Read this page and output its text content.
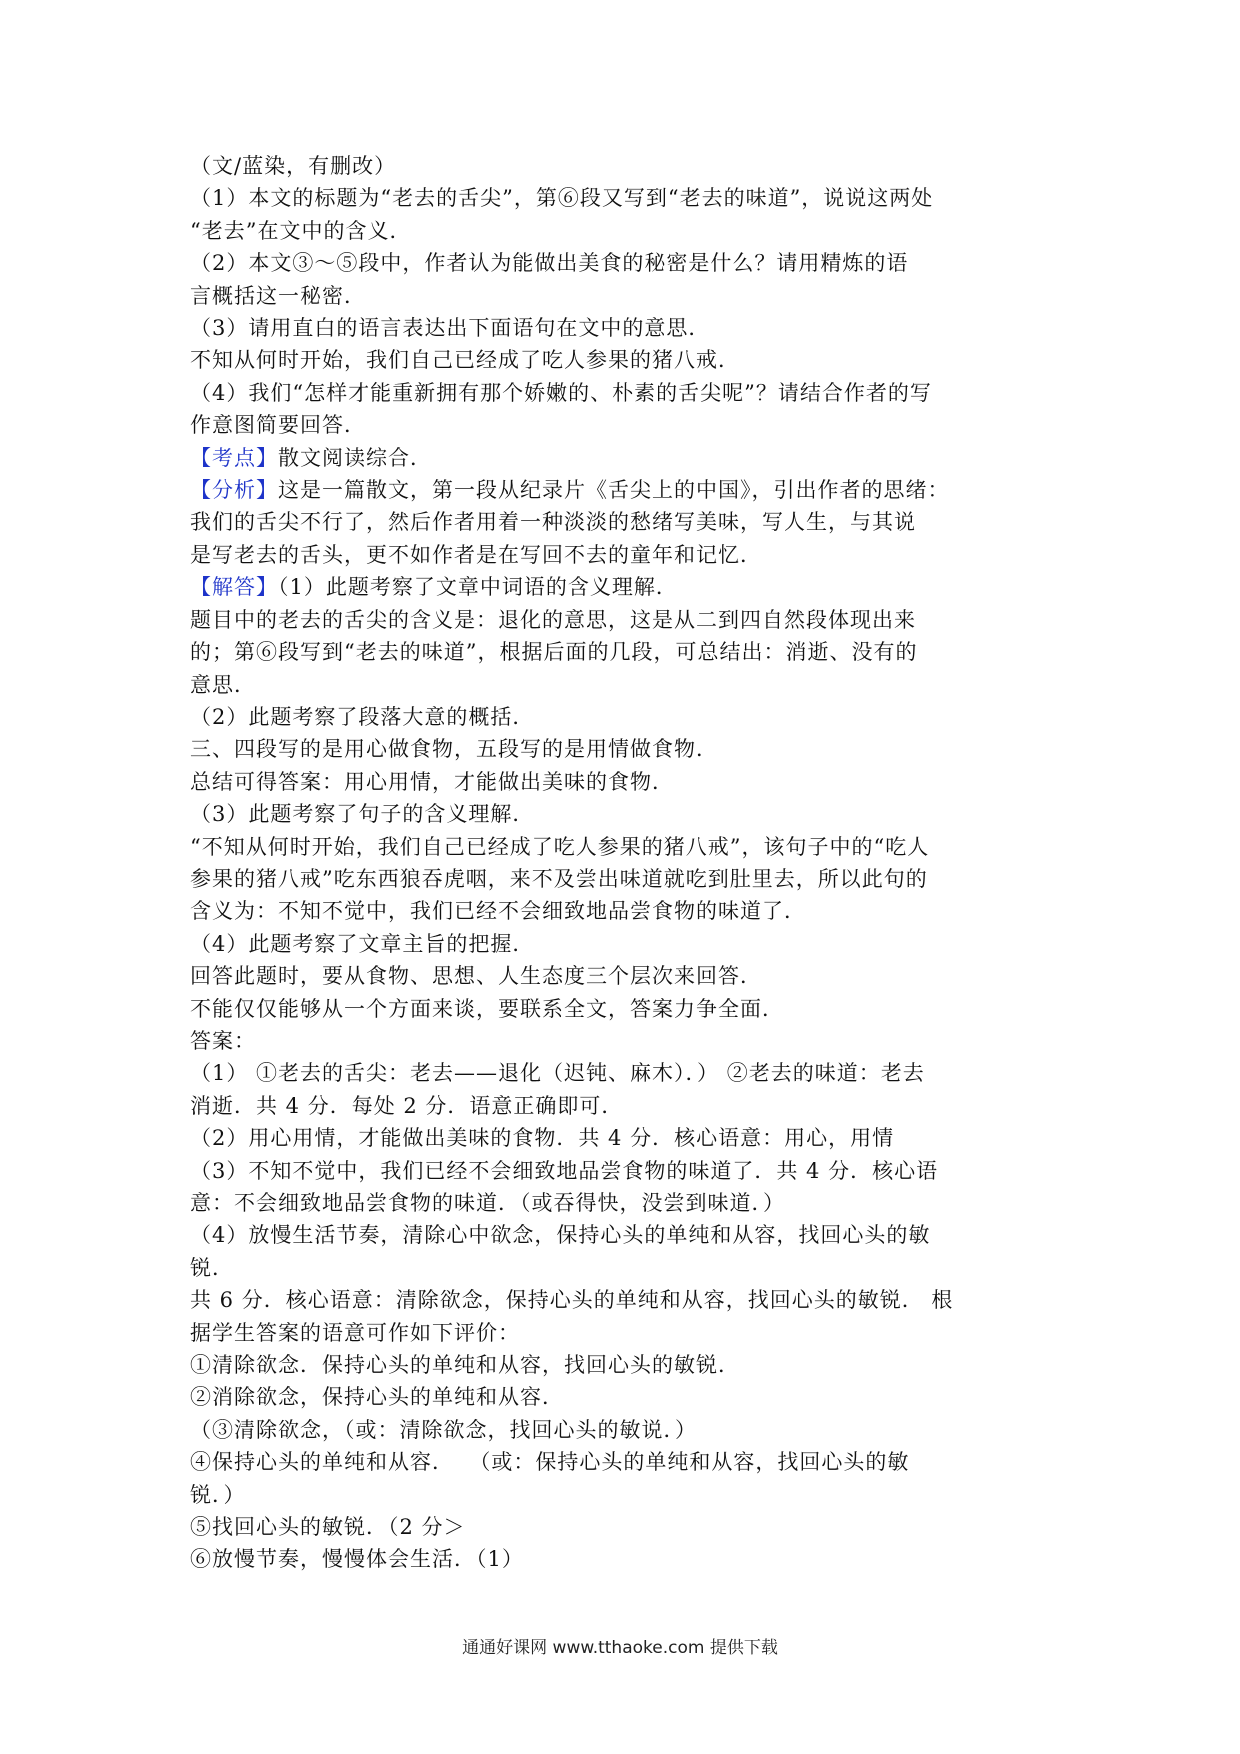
（文/蓝染，有删改）
（1）本文的标题为“老去的舌尖”，第⑥段又写到“老去的味道”，说说这两处
“老去”在文中的含义．
（2）本文③～⑤段中，作者认为能做出美食的秘密是什么？请用精炼的语
言概括这一秘密．
（3）请用直白的语言表达出下面语句在文中的意思．
不知从何时开始，我们自己已经成了吃人参果的猪八戒．
（4）我们“怎样才能重新拥有那个娇嫩的、朴素的舌尖呢”？请结合作者的写
作意图简要回答．
【考点】散文阅读综合．
【分析】这是一篇散文，第一段从纪录片《舌尖上的中国》，引出作者的思绪：
我们的舌尖不行了，然后作者用着一种淡淡的愁绪写美味，写人生，与其说
是写老去的舌头，更不如作者是在写回不去的童年和记忆．
【解答】（1）此题考察了文章中词语的含义理解．
题目中的老去的舌尖的含义是：退化的意思，这是从二到四自然段体现出来
的；第⑥段写到“老去的味道”，根据后面的几段，可总结出：消逝、没有的
意思．
（2）此题考察了段落大意的概括．
三、四段写的是用心做食物，五段写的是用情做食物．
总结可得答案：用心用情，才能做出美味的食物．
（3）此题考察了句子的含义理解．
“不知从何时开始，我们自己已经成了吃人参果的猪八戒”，该句子中的“吃人
参果的猪八戒”吃东西狼吞虎咽，来不及尝出味道就吃到肚里去，所以此句的
含义为：不知不觉中，我们已经不会细致地品尝食物的味道了．
（4）此题考察了文章主旨的把握．
回答此题时，要从食物、思想、人生态度三个层次来回答．
不能仅仅能够从一个方面来谈，要联系全文，答案力争全面．
答案：
（1） ①老去的舌尖：老去——退化（迟钝、麻木）．） ②老去的味道：老去
消逝．共 4 分．每处 2 分．语意正确即可．
（2）用心用情，才能做出美味的食物．共 4 分．核心语意：用心，用情
（3）不知不觉中，我们已经不会细致地品尝食物的味道了．共 4 分．核心语
意：不会细致地品尝食物的味道．（或吞得快，没尝到味道．）
（4）放慢生活节奏，清除心中欲念，保持心头的单纯和从容，找回心头的敏
锐．
共 6 分．核心语意：清除欲念，保持心头的单纯和从容，找回心头的敏锐． 根
据学生答案的语意可作如下评价：
①清除欲念．保持心头的单纯和从容，找回心头的敏锐．
②消除欲念，保持心头的单纯和从容．
（③清除欲念，（或：清除欲念，找回心头的敏说．）
④保持心头的单纯和从容．  （或：保持心头的单纯和从容，找回心头的敏
锐．）
⑤找回心头的敏锐．（2 分＞
⑥放慢节奏，慢慢体会生活．（1）
通通好课网 www.tthaoke.com 提供下载
